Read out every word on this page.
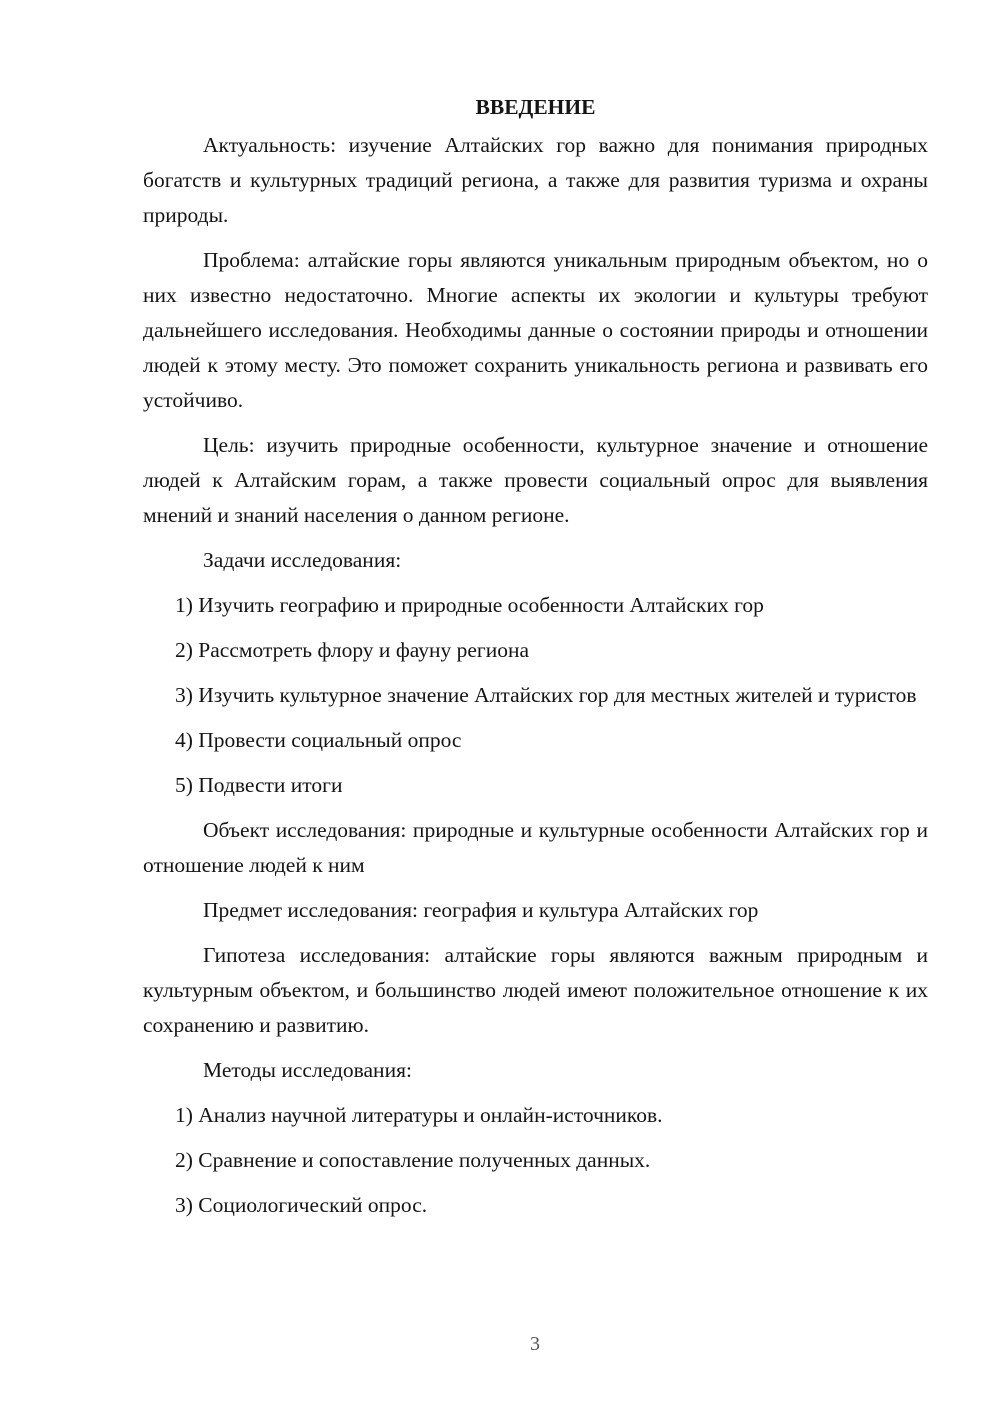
ВВЕДЕНИЕ

Актуальность: изучение Алтайских гор важно для понимания природных богатств и культурных традиций региона, а также для развития туризма и охраны природы.

Проблема: алтайские горы являются уникальным природным объектом, но о них известно недостаточно. Многие аспекты их экологии и культуры требуют дальнейшего исследования. Необходимы данные о состоянии природы и отношении людей к этому месту. Это поможет сохранить уникальность региона и развивать его устойчиво.

Цель: изучить природные особенности, культурное значение и отношение людей к Алтайским горам, а также провести социальный опрос для выявления мнений и знаний населения о данном регионе.

Задачи исследования:

1) Изучить географию и природные особенности Алтайских гор

2) Рассмотреть флору и фауну региона

3) Изучить культурное значение Алтайских гор для местных жителей и туристов

4) Провести социальный опрос

5) Подвести итоги

Объект исследования: природные и культурные особенности Алтайских гор и отношение людей к ним

Предмет исследования: география и культура Алтайских гор

Гипотеза исследования: алтайские горы являются важным природным и культурным объектом, и большинство людей имеют положительное отношение к их сохранению и развитию.

Методы исследования:

1) Анализ научной литературы и онлайн-источников.

2) Сравнение и сопоставление полученных данных.

3) Социологический опрос.

3
